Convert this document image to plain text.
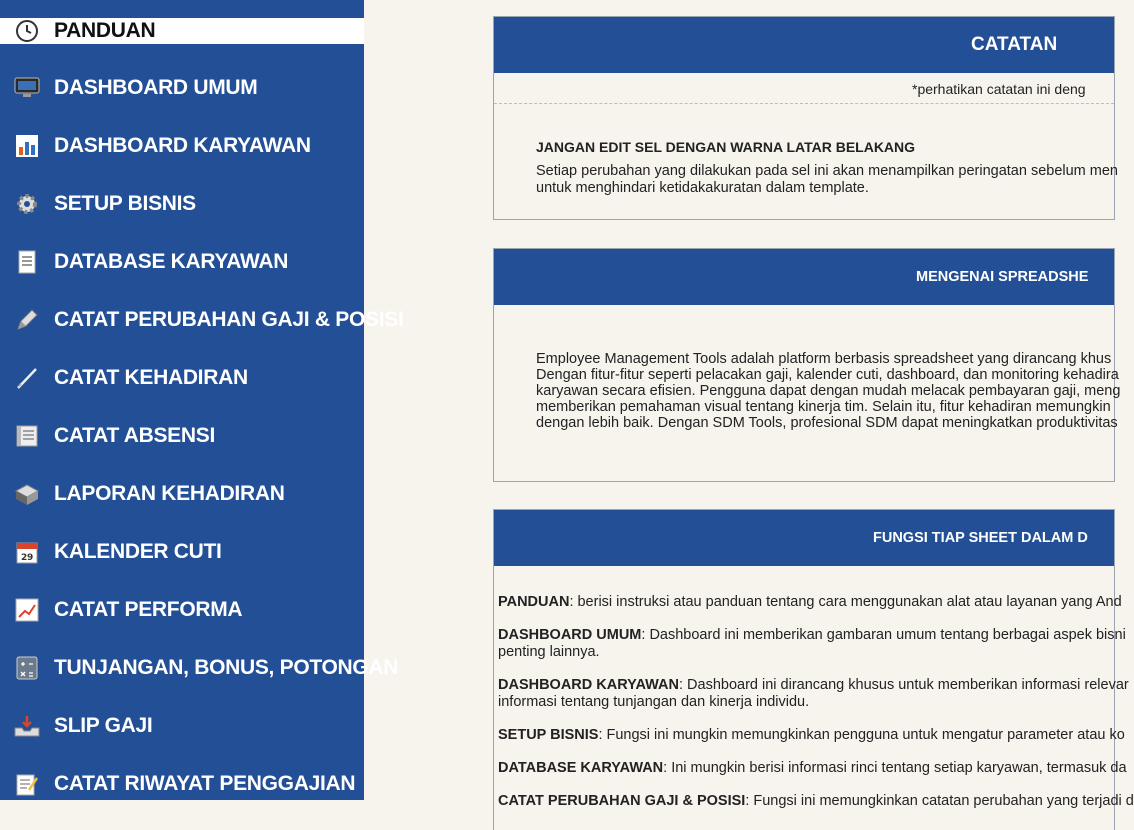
PANDUAN
DASHBOARD UMUM
DASHBOARD KARYAWAN
SETUP BISNIS
DATABASE KARYAWAN
CATAT PERUBAHAN GAJI & POSISI
CATAT KEHADIRAN
CATAT ABSENSI
LAPORAN KEHADIRAN
29 KALENDER CUTI
CATAT PERFORMA
TUNJANGAN, BONUS, POTONGAN
SLIP GAJI
CATAT RIWAYAT PENGGAJIAN
CATATAN
*perhatikan catatan ini deng
JANGAN EDIT SEL DENGAN WARNA LATAR BELAKANG
Setiap perubahan yang dilakukan pada sel ini akan menampilkan peringatan sebelum men
untuk menghindari ketidakakuratan dalam template.
MENGENAI SPREADSHE
Employee Management Tools adalah platform berbasis spreadsheet yang dirancang khus
Dengan fitur-fitur seperti pelacakan gaji, kalender cuti, dashboard, dan monitoring kehadira
karyawan secara efisien. Pengguna dapat dengan mudah melacak pembayaran gaji, meng
memberikan pemahaman visual tentang kinerja tim. Selain itu, fitur kehadiran memungkin
dengan lebih baik. Dengan SDM Tools, profesional SDM dapat meningkatkan produktivitas
FUNGSI TIAP SHEET DALAM D
PANDUAN: berisi instruksi atau panduan tentang cara menggunakan alat atau layanan yang And
DASHBOARD UMUM: Dashboard ini memberikan gambaran umum tentang berbagai aspek bisni
penting lainnya.
DASHBOARD KARYAWAN: Dashboard ini dirancang khusus untuk memberikan informasi relevar
informasi tentang tunjangan dan kinerja individu.
SETUP BISNIS: Fungsi ini mungkin memungkinkan pengguna untuk mengatur parameter atau ko
DATABASE KARYAWAN: Ini mungkin berisi informasi rinci tentang setiap karyawan, termasuk da
CATAT PERUBAHAN GAJI & POSISI: Fungsi ini memungkinkan catatan perubahan yang terjadi d
